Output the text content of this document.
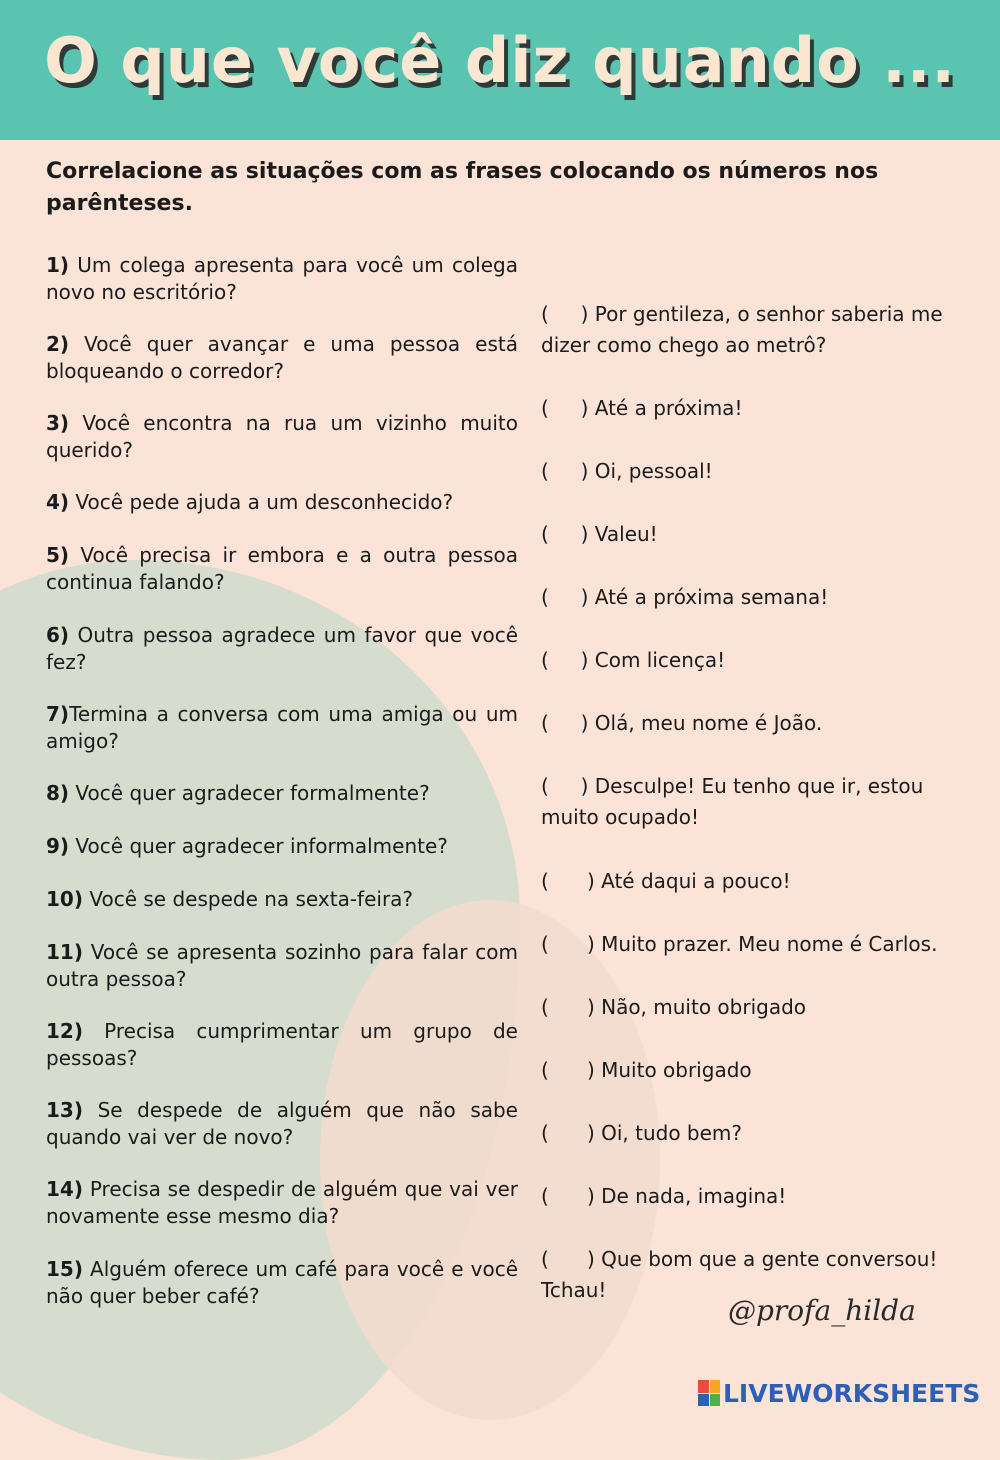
O que você diz quando ...
Correlacione as situações com as frases colocando os números nos parênteses.
1) Um colega apresenta para você um colega novo no escritório?
2) Você quer avançar e uma pessoa está bloqueando o corredor?
3) Você encontra na rua um vizinho muito querido?
4) Você pede ajuda a um desconhecido?
5) Você precisa ir embora e a outra pessoa continua falando?
6) Outra pessoa agradece um favor que você fez?
7)Termina a conversa com uma amiga ou um amigo?
8) Você quer agradecer formalmente?
9) Você quer agradecer informalmente?
10) Você se despede na sexta-feira?
11) Você se apresenta sozinho para falar com outra pessoa?
12) Precisa cumprimentar um grupo de pessoas?
13) Se despede de alguém que não sabe quando vai ver de novo?
14) Precisa se despedir de alguém que vai ver novamente esse mesmo dia?
15) Alguém oferece um café para você e você não quer beber café?
(     ) Por gentileza, o senhor saberia me dizer como chego ao metrô?
(     ) Até a próxima!
(     ) Oi, pessoal!
(     ) Valeu!
(     ) Até a próxima semana!
(     ) Com licença!
(     ) Olá, meu nome é João.
(     ) Desculpe! Eu tenho que ir, estou muito ocupado!
(      ) Até daqui a pouco!
(      ) Muito prazer. Meu nome é Carlos.
(      ) Não, muito obrigado
(      ) Muito obrigado
(      ) Oi, tudo bem?
(      ) De nada, imagina!
(      ) Que bom que a gente conversou! Tchau!
@profa_hilda
LIVEWORKSHEETS
